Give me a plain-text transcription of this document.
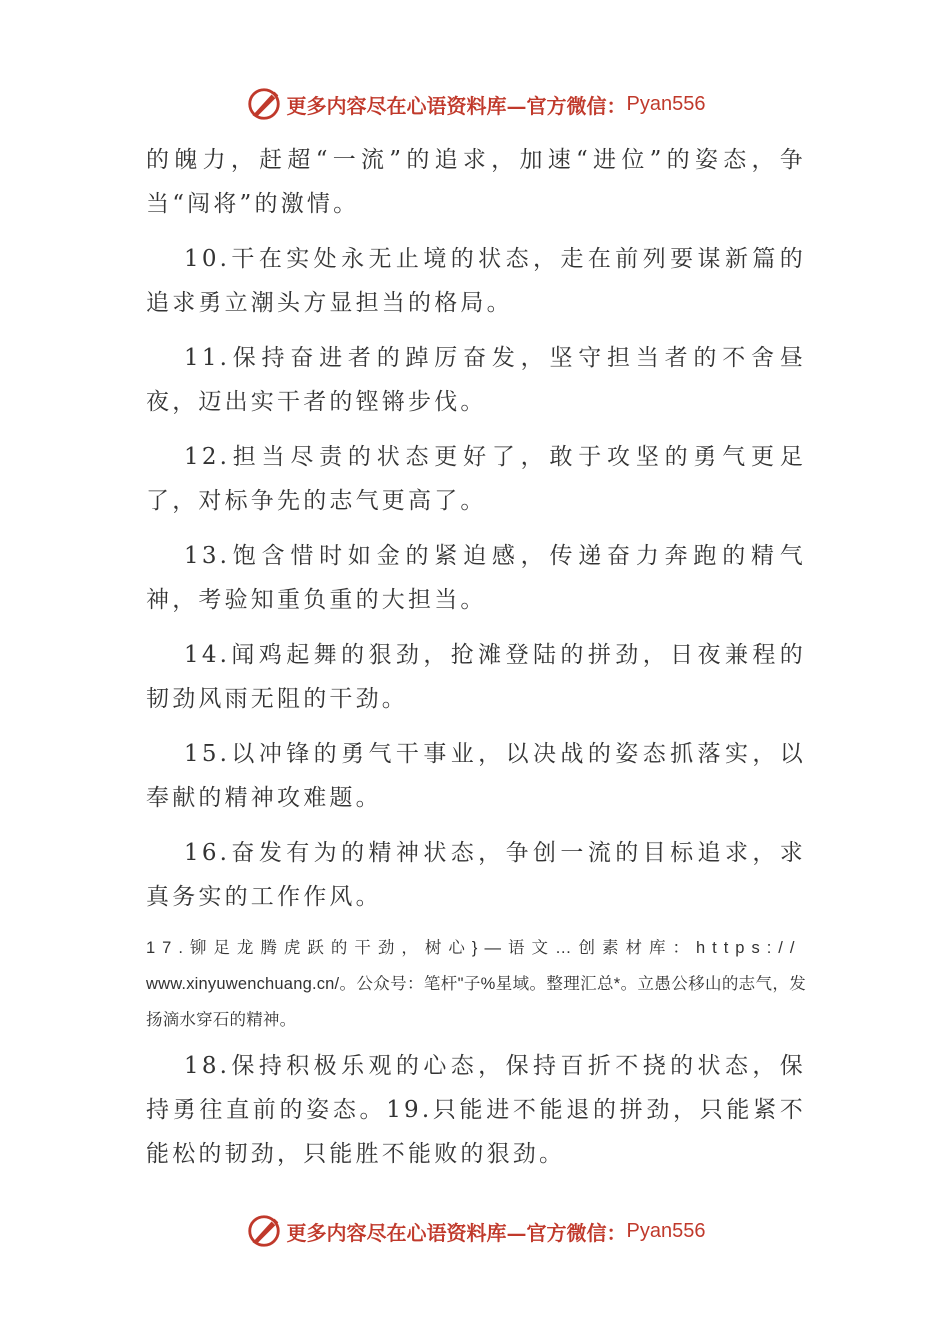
更多内容尽在心语资料库—官方微信： Pyan556

的魄力，赶超“一流”的追求，加速“进位”的姿态，争当“闯将”的激情。

10.干在实处永无止境的状态，走在前列要谋新篇的追求勇立潮头方显担当的格局。

11.保持奋进者的踔厉奋发，坚守担当者的不舍昼夜，迈出实干者的铿锵步伐。

12.担当尽责的状态更好了，敢于攻坚的勇气更足了，对标争先的志气更高了。

13.饱含惜时如金的紧迫感，传递奋力奔跑的精气神，考验知重负重的大担当。

14.闻鸡起舞的狠劲，抢滩登陆的拼劲，日夜兼程的韧劲风雨无阻的干劲。

15.以冲锋的勇气干事业，以决战的姿态抓落实，以奉献的精神攻难题。

16.奋发有为的精神状态，争创一流的目标追求，求真务实的工作作风。

17.铆足龙腾虎跃的干劲，树心}—语文…创素材库：https://
www.xinyuwenchuang.cn/。公众号：笔杆"子%星域。整理汇总*。立愚公移山的志气，发扬滴水穿石的精神。

18.保持积极乐观的心态，保持百折不挠的状态，保持勇往直前的姿态。19.只能进不能退的拼劲，只能紧不能松的韧劲，只能胜不能败的狠劲。

更多内容尽在心语资料库—官方微信： Pyan556
